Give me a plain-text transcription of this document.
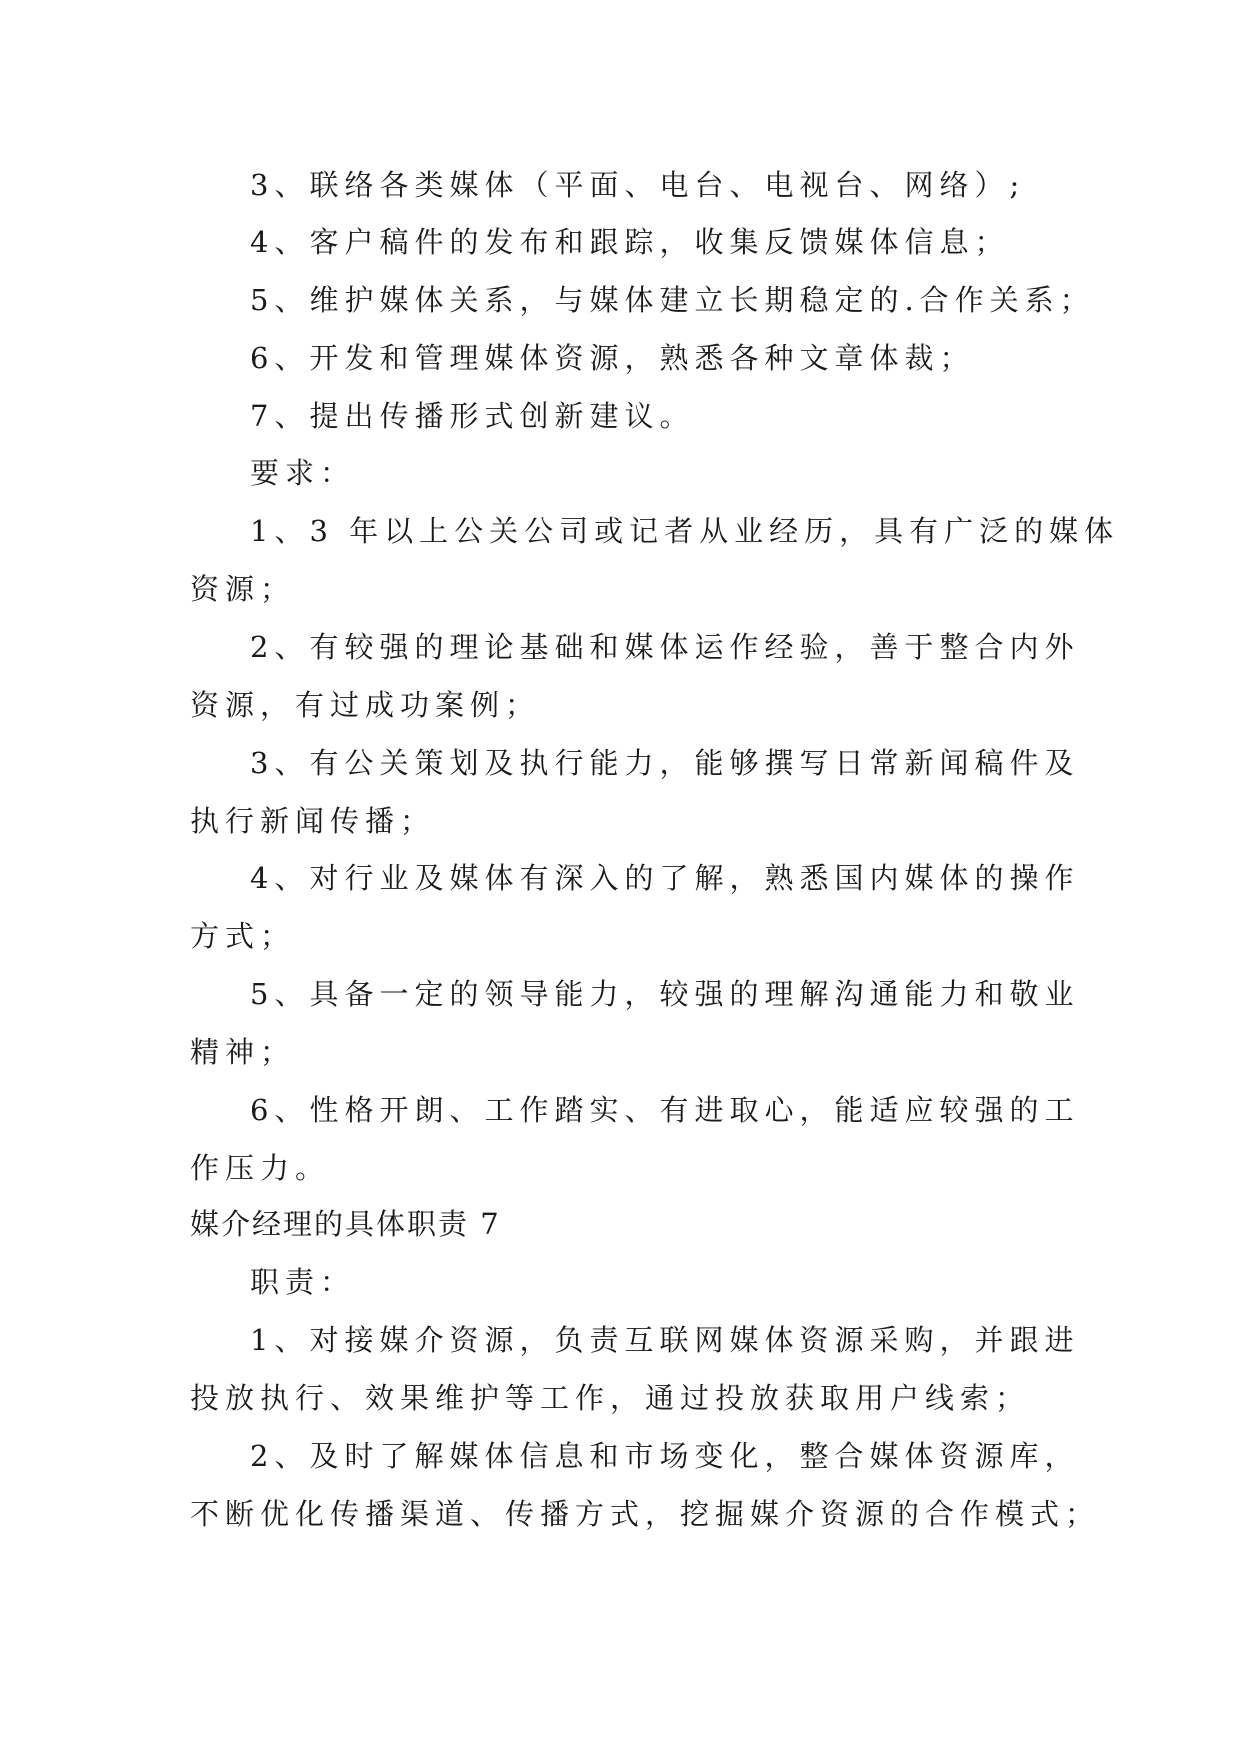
3、联络各类媒体（平面、电台、电视台、网络）;
4、客户稿件的发布和跟踪，收集反馈媒体信息；
5、维护媒体关系，与媒体建立长期稳定的.合作关系；
6、开发和管理媒体资源，熟悉各种文章体裁；
7、提出传播形式创新建议。
要求：
1、3 年以上公关公司或记者从业经历，具有广泛的媒体
资源；
2、有较强的理论基础和媒体运作经验，善于整合内外
资源，有过成功案例；
3、有公关策划及执行能力，能够撰写日常新闻稿件及
执行新闻传播；
4、对行业及媒体有深入的了解，熟悉国内媒体的操作
方式；
5、具备一定的领导能力，较强的理解沟通能力和敬业
精神；
6、性格开朗、工作踏实、有进取心，能适应较强的工
作压力。
媒介经理的具体职责 7
职责：
1、对接媒介资源，负责互联网媒体资源采购，并跟进
投放执行、效果维护等工作，通过投放获取用户线索；
2、及时了解媒体信息和市场变化，整合媒体资源库，
不断优化传播渠道、传播方式，挖掘媒介资源的合作模式；
